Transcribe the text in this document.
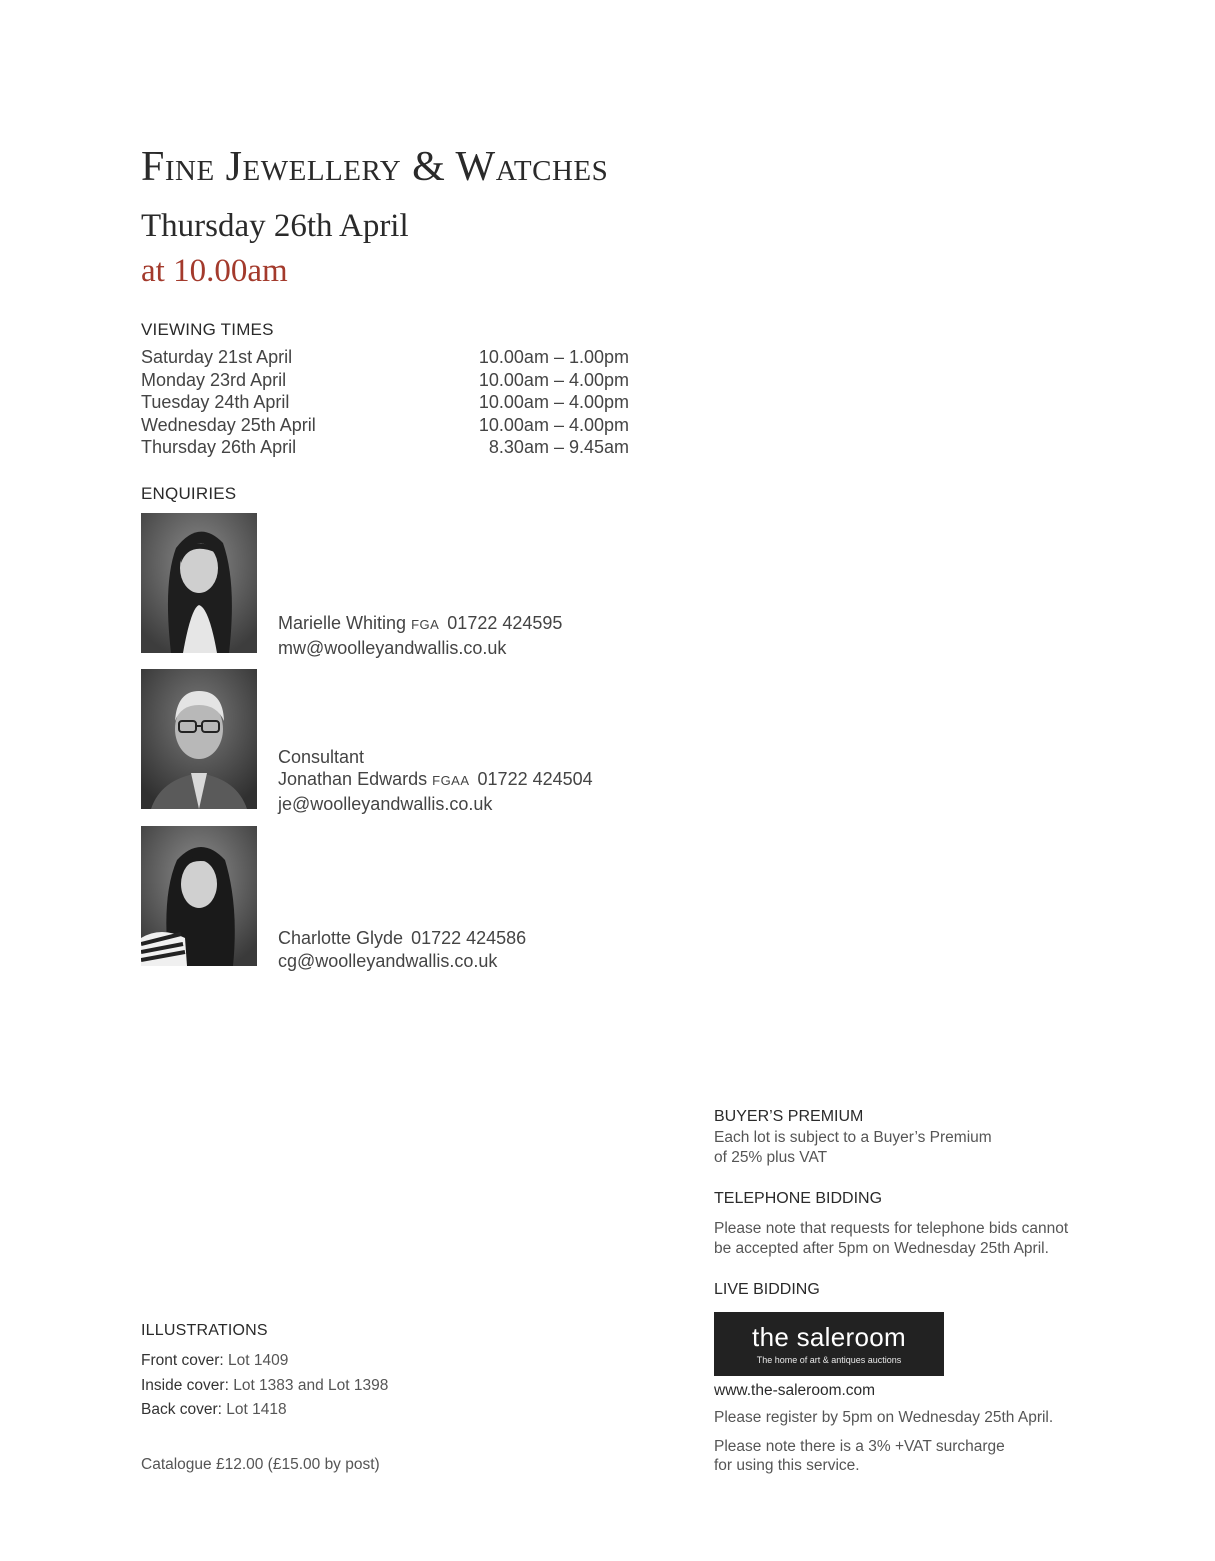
Fine Jewellery & Watches
Thursday 26th April
at 10.00am
VIEWING TIMES
Saturday 21st April	10.00am – 1.00pm
Monday 23rd April	10.00am – 4.00pm
Tuesday 24th April	10.00am – 4.00pm
Wednesday 25th April	10.00am – 4.00pm
Thursday 26th April	8.30am – 9.45am
ENQUIRIES
Marielle Whiting FGA 01722 424595
mw@woolleyandwallis.co.uk
Consultant
Jonathan Edwards FGAA 01722 424504
je@woolleyandwallis.co.uk
Charlotte Glyde 01722 424586
cg@woolleyandwallis.co.uk
BUYER’S PREMIUM

Each lot is subject to a Buyer’s Premium

of 25% plus VAT

TELEPHONE BIDDING

Please note that requests for telephone bids cannot

be accepted after 5pm on Wednesday 25th April.

LIVE BIDDING
the saleroom
The home of art & antiques auctions

www.the-saleroom.com

Please register by 5pm on Wednesday 25th April.

Please note there is a 3% +VAT surcharge

for using this service.

ILLUSTRATIONS
Front cover: Lot 1409
Inside cover: Lot 1383 and Lot 1398
Back cover: Lot 1418
Catalogue £12.00 (£15.00 by post)
